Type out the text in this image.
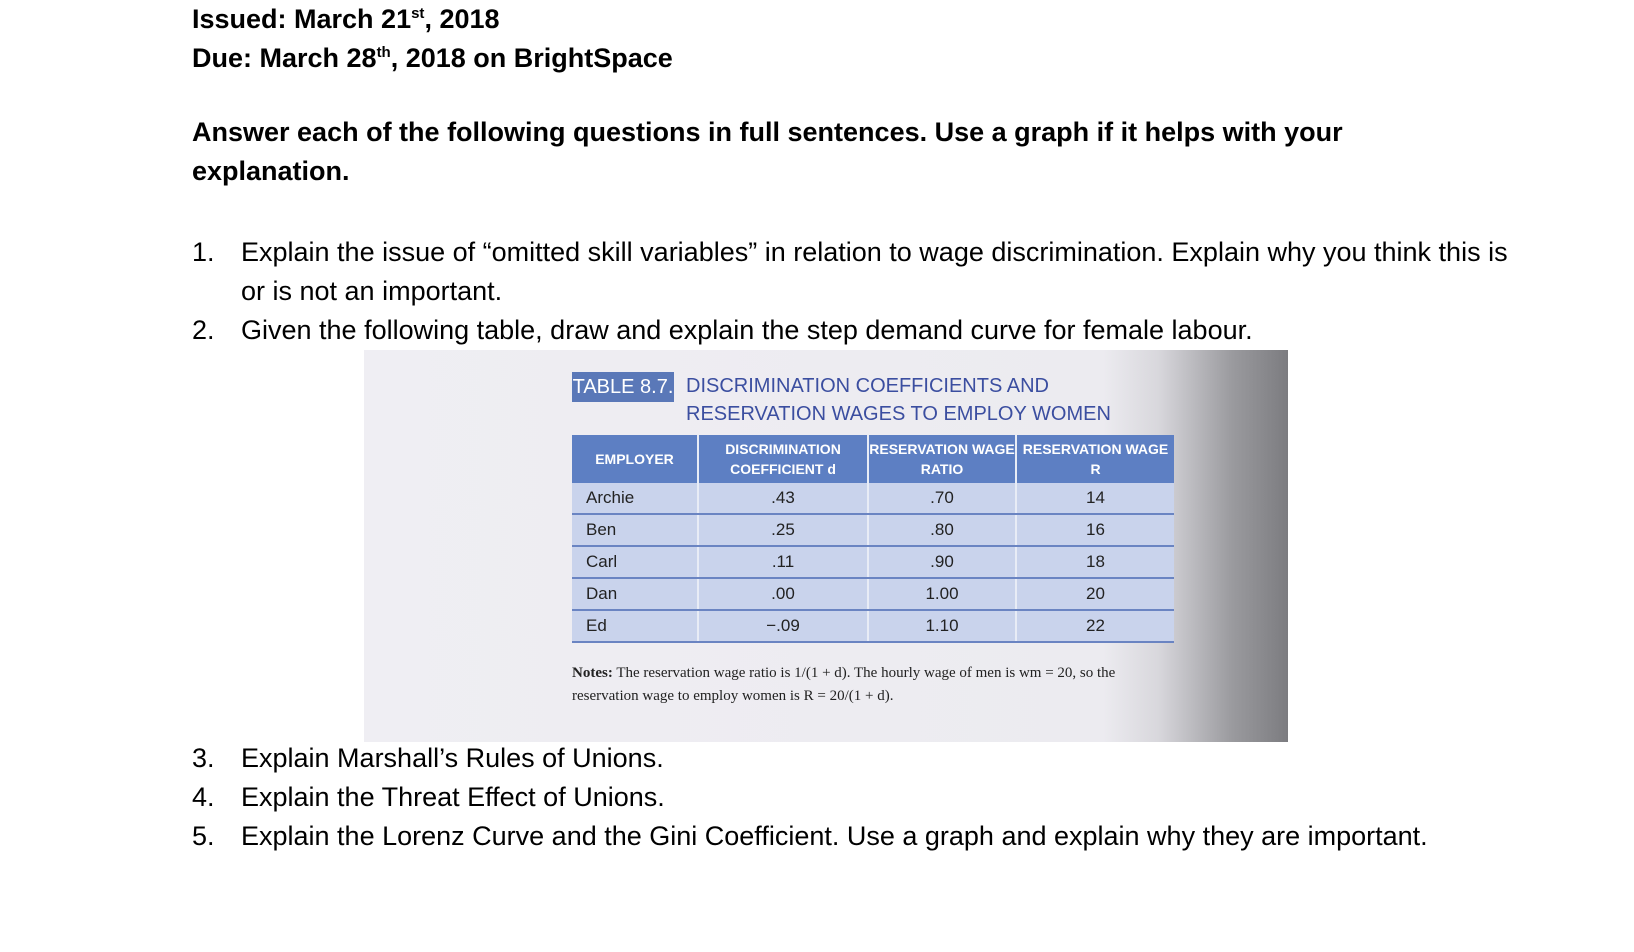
Issued: March 21st, 2018

Due: March 28th, 2018 on BrightSpace

Answer each of the following questions in full sentences. Use a graph if it helps with your explanation.

1. Explain the issue of “omitted skill variables” in relation to wage discrimination. Explain why you think this is or is not an important.
2. Given the following table, draw and explain the step demand curve for female labour.
3. Explain Marshall’s Rules of Unions.
4. Explain the Threat Effect of Unions.
5. Explain the Lorenz Curve and the Gini Coefficient. Use a graph and explain why they are important.
TABLE 8.7. DISCRIMINATION COEFFICIENTS AND RESERVATION WAGES TO EMPLOY WOMEN
EMPLOYER	DISCRIMINATION COEFFICIENT d	RESERVATION WAGE RATIO	RESERVATION WAGE R
Archie	.43	.70	14
Ben	.25	.80	16
Carl	.11	.90	18
Dan	.00	1.00	20
Ed	−.09	1.10	22
Notes: The reservation wage ratio is 1/(1 + d). The hourly wage of men is wm = 20, so the reservation wage to employ women is R = 20/(1 + d).
